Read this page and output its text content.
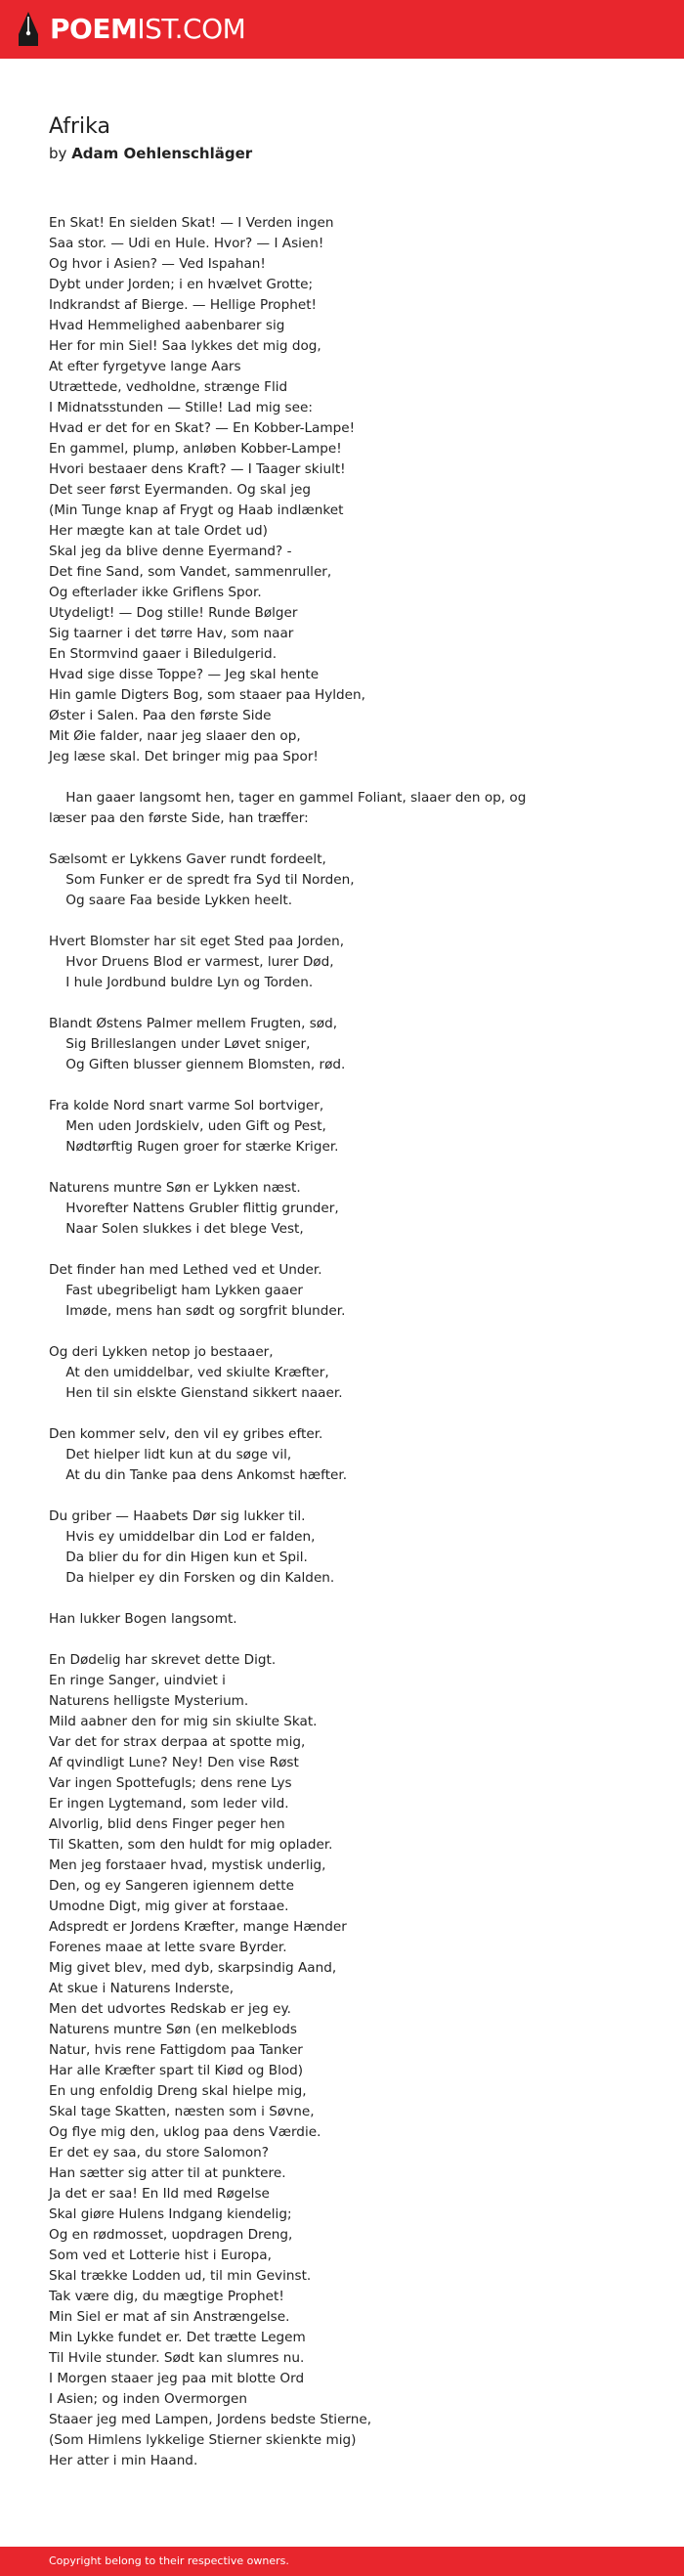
POEMIST.COM
Afrika
by Adam Oehlenschläger
En Skat! En sielden Skat! — I Verden ingen
Saa stor. — Udi en Hule. Hvor? — I Asien!
Og hvor i Asien? — Ved Ispahan!
Dybt under Jorden; i en hvælvet Grotte;
Indkrandst af Bierge. — Hellige Prophet!
Hvad Hemmelighed aabenbarer sig
Her for min Siel! Saa lykkes det mig dog,
At efter fyrgetyve lange Aars
Utrættede, vedholdne, strænge Flid
I Midnatsstunden — Stille! Lad mig see:
Hvad er det for en Skat? — En Kobber-Lampe!
En gammel, plump, anløben Kobber-Lampe!
Hvori bestaaer dens Kraft? — I Taager skiult!
Det seer først Eyermanden. Og skal jeg
(Min Tunge knap af Frygt og Haab indlænket
Her mægte kan at tale Ordet ud)
Skal jeg da blive denne Eyermand? -
Det fine Sand, som Vandet, sammenruller,
Og efterlader ikke Griflens Spor.
Utydeligt! — Dog stille! Runde Bølger
Sig taarner i det tørre Hav, som naar
En Stormvind gaaer i Biledulgerid.
Hvad sige disse Toppe? — Jeg skal hente
Hin gamle Digters Bog, som staaer paa Hylden,
Øster i Salen. Paa den første Side
Mit Øie falder, naar jeg slaaer den op,
Jeg læse skal. Det bringer mig paa Spor!
Han gaaer langsomt hen, tager en gammel Foliant, slaaer den op, og
læser paa den første Side, han træffer:
Sælsomt er Lykkens Gaver rundt fordeelt,
Som Funker er de spredt fra Syd til Norden,
Og saare Faa beside Lykken heelt.
Hvert Blomster har sit eget Sted paa Jorden,
Hvor Druens Blod er varmest, lurer Død,
I hule Jordbund buldre Lyn og Torden.
Blandt Østens Palmer mellem Frugten, sød,
Sig Brilleslangen under Løvet sniger,
Og Giften blusser giennem Blomsten, rød.
Fra kolde Nord snart varme Sol bortviger,
Men uden Jordskielv, uden Gift og Pest,
Nødtørftig Rugen groer for stærke Kriger.
Naturens muntre Søn er Lykken næst.
Hvorefter Nattens Grubler flittig grunder,
Naar Solen slukkes i det blege Vest,
Det finder han med Lethed ved et Under.
Fast ubegribeligt ham Lykken gaaer
Imøde, mens han sødt og sorgfrit blunder.
Og deri Lykken netop jo bestaaer,
At den umiddelbar, ved skiulte Kræfter,
Hen til sin elskte Gienstand sikkert naaer.
Den kommer selv, den vil ey gribes efter.
Det hielper lidt kun at du søge vil,
At du din Tanke paa dens Ankomst hæfter.
Du griber — Haabets Dør sig lukker til.
Hvis ey umiddelbar din Lod er falden,
Da blier du for din Higen kun et Spil.
Da hielper ey din Forsken og din Kalden.
Han lukker Bogen langsomt.
En Dødelig har skrevet dette Digt.
En ringe Sanger, uindviet i
Naturens helligste Mysterium.
Mild aabner den for mig sin skiulte Skat.
Var det for strax derpaa at spotte mig,
Af qvindligt Lune? Ney! Den vise Røst
Var ingen Spottefugls; dens rene Lys
Er ingen Lygtemand, som leder vild.
Alvorlig, blid dens Finger peger hen
Til Skatten, som den huldt for mig oplader.
Men jeg forstaaer hvad, mystisk underlig,
Den, og ey Sangeren igiennem dette
Umodne Digt, mig giver at forstaae.
Adspredt er Jordens Kræfter, mange Hænder
Forenes maae at lette svare Byrder.
Mig givet blev, med dyb, skarpsindig Aand,
At skue i Naturens Inderste,
Men det udvortes Redskab er jeg ey.
Naturens muntre Søn (en melkeblods
Natur, hvis rene Fattigdom paa Tanker
Har alle Kræfter spart til Kiød og Blod)
En ung enfoldig Dreng skal hielpe mig,
Skal tage Skatten, næsten som i Søvne,
Og flye mig den, uklog paa dens Værdie.
Er det ey saa, du store Salomon?
Han sætter sig atter til at punktere.
Ja det er saa! En Ild med Røgelse
Skal giøre Hulens Indgang kiendelig;
Og en rødmosset, uopdragen Dreng,
Som ved et Lotterie hist i Europa,
Skal trække Lodden ud, til min Gevinst.
Tak være dig, du mægtige Prophet!
Min Siel er mat af sin Anstrængelse.
Min Lykke fundet er. Det trætte Legem
Til Hvile stunder. Sødt kan slumres nu.
I Morgen staaer jeg paa mit blotte Ord
I Asien; og inden Overmorgen
Staaer jeg med Lampen, Jordens bedste Stierne,
(Som Himlens lykkelige Stierner skienkte mig)
Her atter i min Haand.
Copyright belong to their respective owners.
